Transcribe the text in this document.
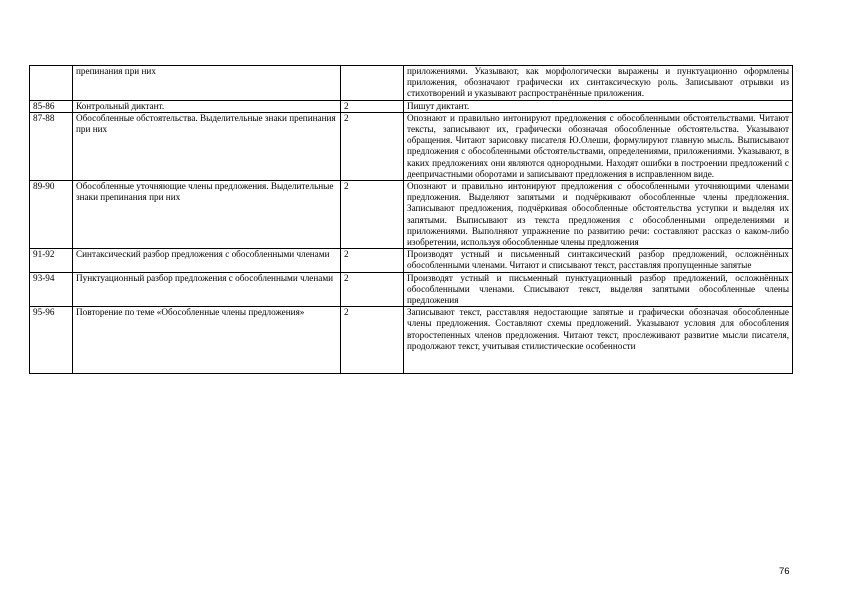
	препинания при них		приложениями. Указывают, как морфологически выражены и пунктуационно оформлены приложения, обозначают графически их синтаксическую роль. Записывают отрывки из стихотворений и указывают распространённые приложения.
85-86	Контрольный диктант.	2	Пишут диктант.
87-88	Обособленные обстоятельства. Выделительные знаки препинания при них	2	Опознают и правильно интонируют предложения с обособленными обстоятельствами. Читают тексты, записывают их, графически обозначая обособленные обстоятельства. Указывают обращения. Читают зарисовку писателя Ю.Олеши, формулируют главную мысль. Выписывают предложения с обособленными обстоятельствами, определениями, приложениями. Указывают, в каких предложениях они являются однородными. Находят ошибки в построении предложений с деепричастными оборотами и записывают предложения в исправленном виде.
89-90	Обособленные уточняющие члены предложения. Выделительные знаки препинания при них	2	Опознают и правильно интонируют предложения с обособленными уточняющими членами предложения. Выделяют запятыми и подчёркивают обособленные члены предложения. Записывают предложения, подчёркивая обособленные обстоятельства уступки и выделяя их запятыми. Выписывают из текста предложения с обособленными определениями и приложениями. Выполняют упражнение по развитию речи: составляют рассказ о каком-либо изобретении, используя обособленные члены предложения
91-92	Синтаксический разбор предложения с обособленными членами	2	Производят устный и письменный синтаксический разбор предложений, осложнённых обособленными членами. Читают и списывают текст, расставляя пропущенные запятые
93-94	Пунктуационный разбор предложения с обособленными членами	2	Производят устный и письменный пунктуационный разбор предложений, осложнённых обособленными членами. Списывают текст, выделяя запятыми обособленные члены предложения
95-96	Повторение по теме «Обособленные члены предложения»	2	Записывают текст, расставляя недостающие запятые и графически обозначая обособленные члены предложения. Составляют схемы предложений. Указывают условия для обособления второстепенных членов предложения. Читают текст, прослеживают развитие мысли писателя, продолжают текст, учитывая стилистические особенности
76
